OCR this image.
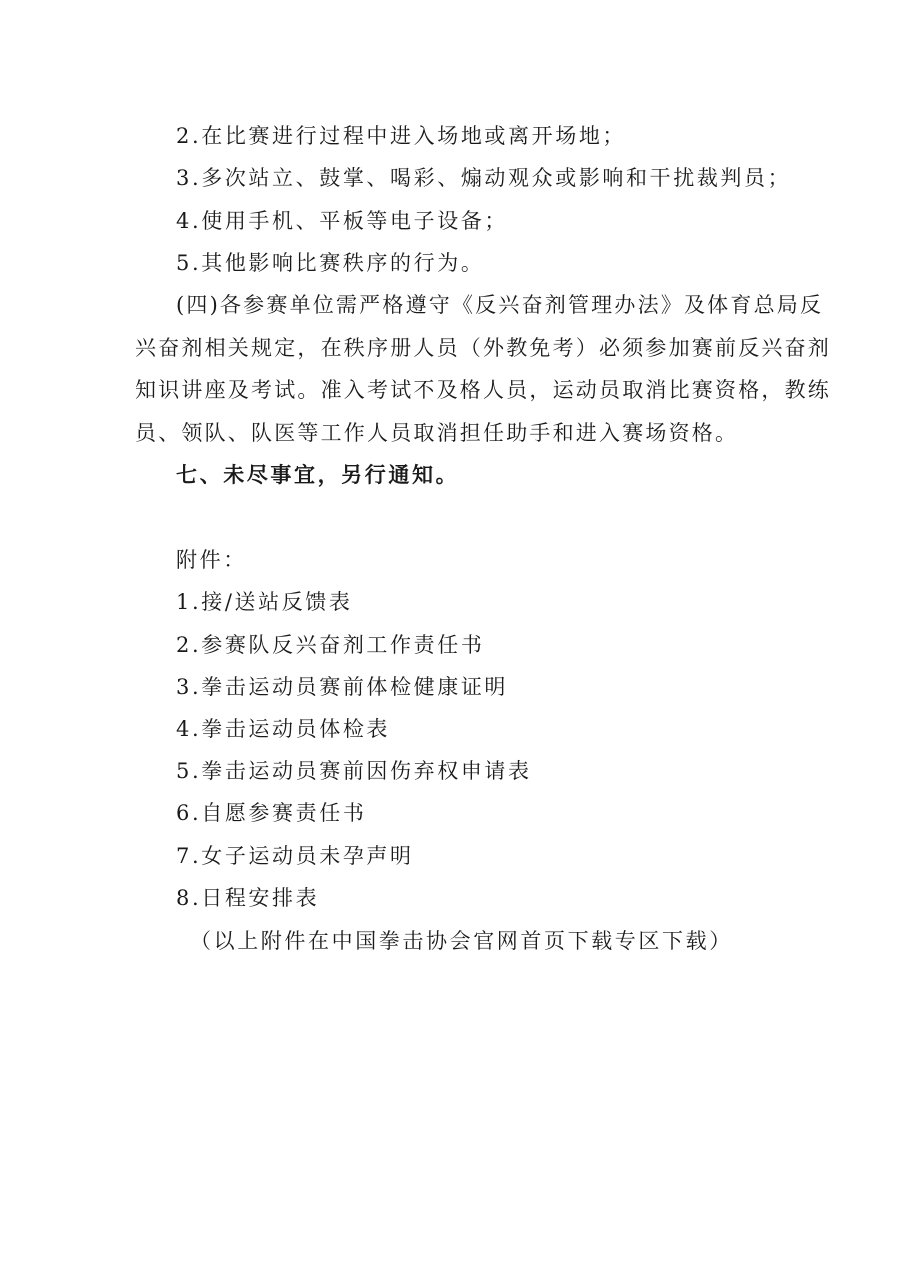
2.在比赛进行过程中进入场地或离开场地；
3.多次站立、鼓掌、喝彩、煽动观众或影响和干扰裁判员；
4.使用手机、平板等电子设备；
5.其他影响比赛秩序的行为。
(四)各参赛单位需严格遵守《反兴奋剂管理办法》及体育总局反
兴奋剂相关规定，在秩序册人员（外教免考）必须参加赛前反兴奋剂
知识讲座及考试。准入考试不及格人员，运动员取消比赛资格，教练
员、领队、队医等工作人员取消担任助手和进入赛场资格。
七、未尽事宜，另行通知。
附件：
1.接/送站反馈表
2.参赛队反兴奋剂工作责任书
3.拳击运动员赛前体检健康证明
4.拳击运动员体检表
5.拳击运动员赛前因伤弃权申请表
6.自愿参赛责任书
7.女子运动员未孕声明
8.日程安排表
（以上附件在中国拳击协会官网首页下载专区下载）
